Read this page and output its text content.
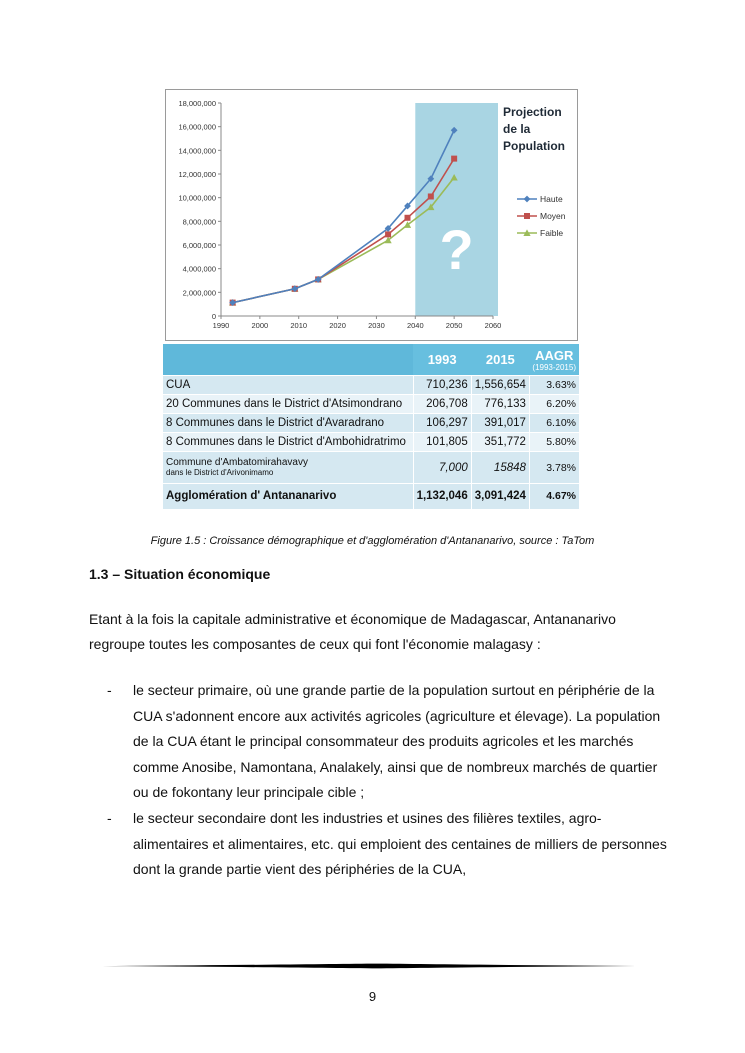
?
0
2,000,000
4,000,000
6,000,000
8,000,000
10,000,000
12,000,000
14,000,000
16,000,000
18,000,000
1990	2000	2010	2020	2030	2040	2050	2060
Haute
Moyen
Faible
Projection
de la
Population
	1993	2015	AAGR
(1993-2015)

CUA	710,236	1,556,654	3.63%
20 Communes dans le District d'Atsimondrano	206,708	776,133	6.20%
8 Communes dans le District d'Avaradrano	106,297	391,017	6.10%
8 Communes dans le District d'Ambohidratrimo	101,805	351,772	5.80%

Commune d'Ambatomirahavavy
dans le District d'Arivonimamo	7,000	15848	3.78%
Agglomération d' Antananarivo	1,132,046	3,091,424	4.67%
Figure 1.5 : Croissance démographique et d'agglomération d'Antananarivo, source : TaTom
1.3 – Situation économique

Etant à la fois la capitale administrative et économique de Madagascar, Antananarivo regroupe toutes les composantes de ceux qui font l'économie malagasy :

- le secteur primaire, où une grande partie de la population surtout en périphérie de la CUA s'adonnent encore aux activités agricoles (agriculture et élevage). La population de la CUA étant le principal consommateur des produits agricoles et les marchés comme Anosibe, Namontana, Analakely, ainsi que de nombreux marchés de quartier ou de fokontany leur principale cible ;
- le secteur secondaire dont les industries et usines des filières textiles, agro-alimentaires et alimentaires, etc. qui emploient des centaines de milliers de personnes dont la grande partie vient des périphéries de la CUA,
9
